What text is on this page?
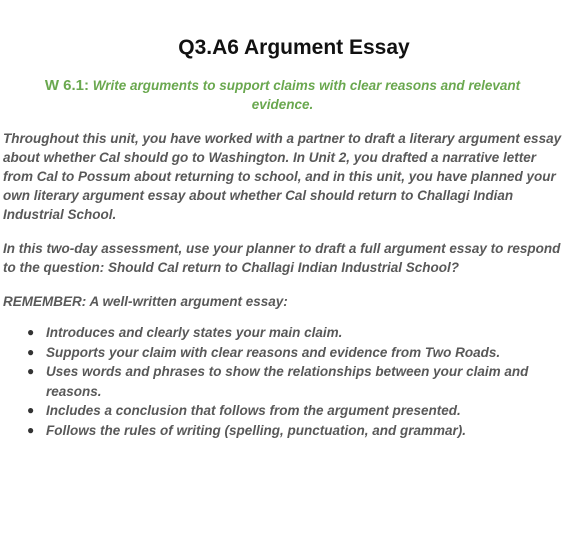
Q3.A6 Argument Essay

W 6.1: Write arguments to support claims with clear reasons and relevant evidence.

Throughout this unit, you have worked with a partner to draft a literary argument essay about whether Cal should go to Washington. In Unit 2, you drafted a narrative letter from Cal to Possum about returning to school, and in this unit, you have planned your own literary argument essay about whether Cal should return to Challagi Indian Industrial School.

In this two-day assessment, use your planner to draft a full argument essay to respond to the question: Should Cal return to Challagi Indian Industrial School?

REMEMBER: A well-written argument essay:

● Introduces and clearly states your main claim.
● Supports your claim with clear reasons and evidence from Two Roads.
● Uses words and phrases to show the relationships between your claim and reasons.
● Includes a conclusion that follows from the argument presented.
● Follows the rules of writing (spelling, punctuation, and grammar).
